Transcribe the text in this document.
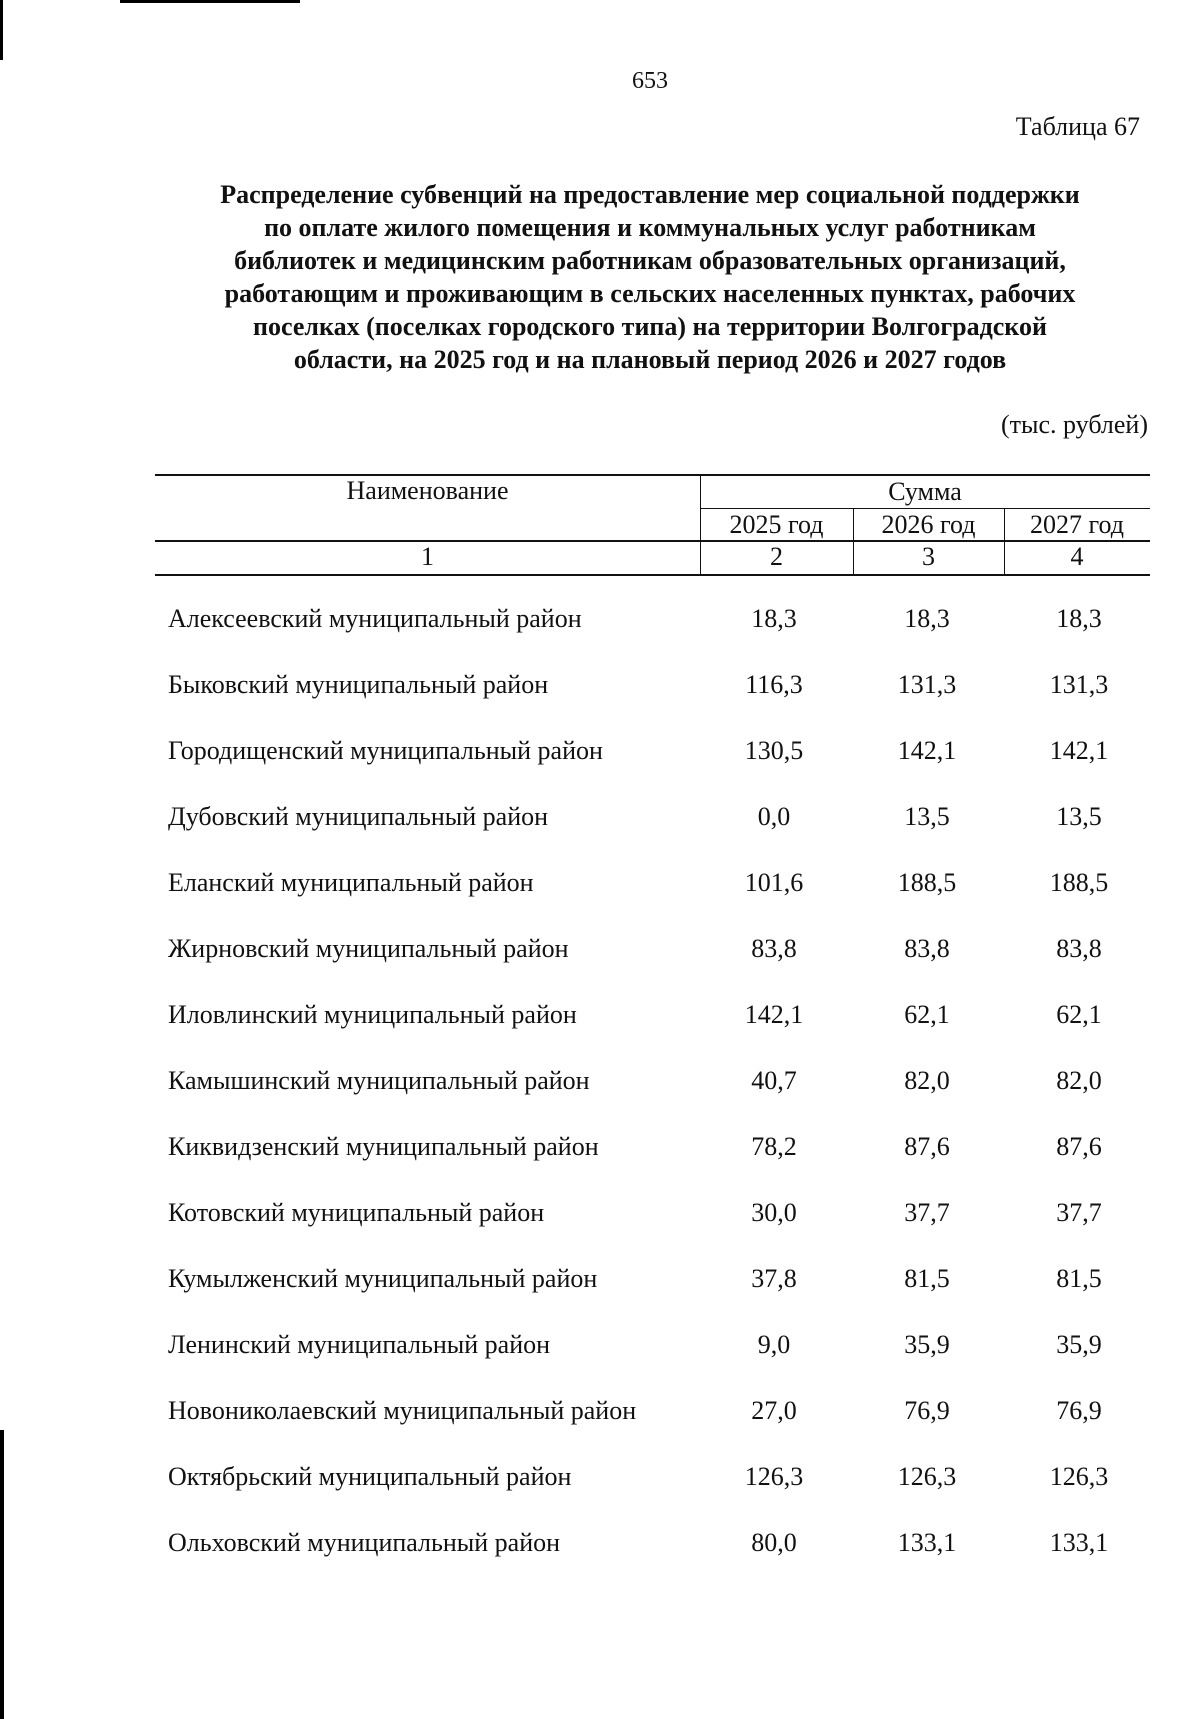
653
Таблица 67
Распределение субвенций на предоставление мер социальной поддержки
по оплате жилого помещения и коммунальных услуг работникам
библиотек и медицинским работникам образовательных организаций,
работающим и проживающим в сельских населенных пунктах, рабочих
поселках (поселках городского типа) на территории Волгоградской
области, на 2025 год и на плановый период 2026 и 2027 годов
(тыс. рублей)
Наименование	Сумма
2025 год	2026 год	2027 год
1	2	3	4
Алексеевский муниципальный район	18,3	18,3	18,3
Быковский муниципальный район	116,3	131,3	131,3
Городищенский муниципальный район	130,5	142,1	142,1
Дубовский муниципальный район	0,0	13,5	13,5
Еланский муниципальный район	101,6	188,5	188,5
Жирновский муниципальный район	83,8	83,8	83,8
Иловлинский муниципальный район	142,1	62,1	62,1
Камышинский муниципальный район	40,7	82,0	82,0
Киквидзенский муниципальный район	78,2	87,6	87,6
Котовский муниципальный район	30,0	37,7	37,7
Кумылженский муниципальный район	37,8	81,5	81,5
Ленинский муниципальный район	9,0	35,9	35,9
Новониколаевский муниципальный район	27,0	76,9	76,9
Октябрьский муниципальный район	126,3	126,3	126,3
Ольховский муниципальный район	80,0	133,1	133,1
